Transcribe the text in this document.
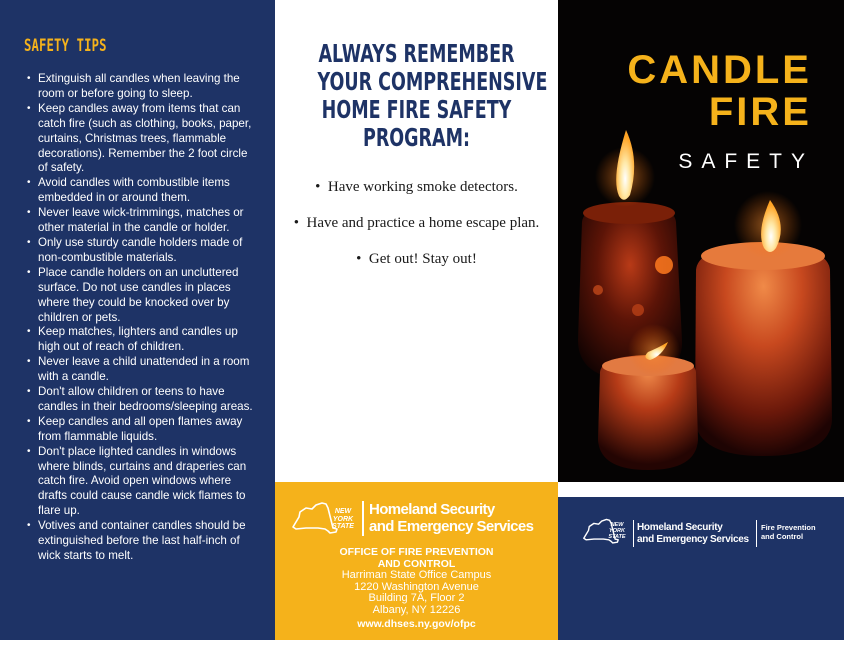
SAFETY TIPS
• Extinguish all candles when leaving the room or before going to sleep.
• Keep candles away from items that can catch fire (such as clothing, books, paper, curtains, Christmas trees, flammable decorations). Remember the 2 foot circle of safety.
• Avoid candles with combustible items embedded in or around them.
• Never leave wick-trimmings, matches or other material in the candle or holder.
• Only use sturdy candle holders made of non-combustible materials.
• Place candle holders on an uncluttered surface. Do not use candles in places where they could be knocked over by children or pets.
• Keep matches, lighters and candles up high out of reach of children.
• Never leave a child unattended in a room with a candle.
• Don't allow children or teens to have candles in their bedrooms/sleeping areas.
• Keep candles and all open flames away from flammable liquids.
• Don't place lighted candles in windows where blinds, curtains and draperies can catch fire. Avoid open windows where drafts could cause candle wick flames to flare up.
• Votives and container candles should be extinguished before the last half-inch of wick starts to melt.
ALWAYS REMEMBER
YOUR COMPREHENSIVE
HOME FIRE SAFETY
PROGRAM:
•  Have working smoke detectors.
•  Have and practice a home escape plan.
•  Get out! Stay out!
NEW
YORK
STATE
Homeland Security
and Emergency Services
OFFICE OF FIRE PREVENTION
AND CONTROL
Harriman State Office Campus
1220 Washington Avenue
Building 7A, Floor 2
Albany, NY 12226
www.dhses.ny.gov/ofpc
CANDLE
FIRE
SAFETY
NEW
YORK
STATE
Homeland Security
and Emergency Services
Fire Prevention
and Control
